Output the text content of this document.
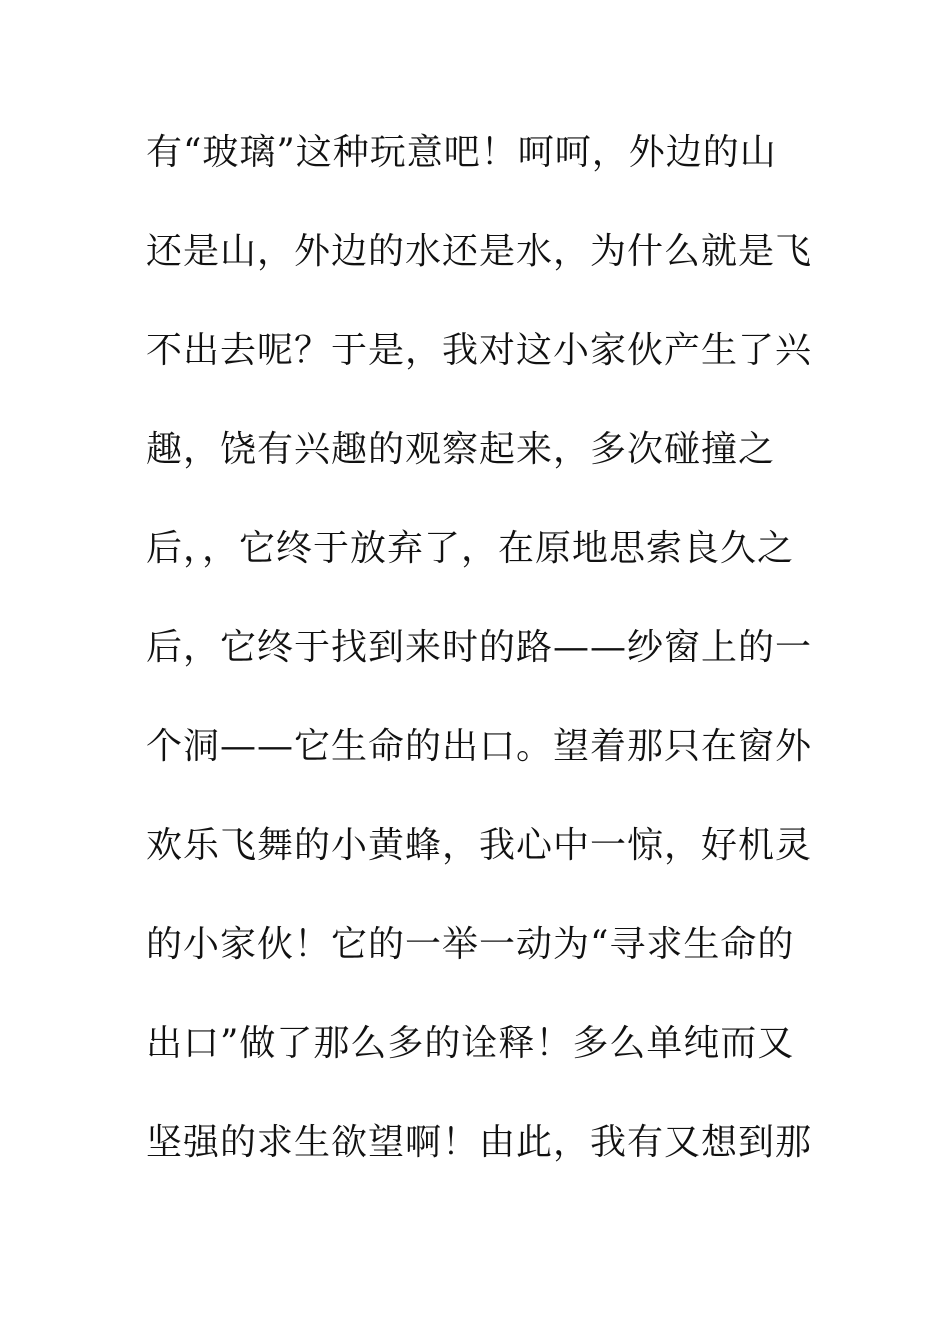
有“玻璃”这种玩意吧！呵呵，外边的山
还是山，外边的水还是水，为什么就是飞
不出去呢？于是，我对这小家伙产生了兴
趣，饶有兴趣的观察起来，多次碰撞之
后，，它终于放弃了，在原地思索良久之
后，它终于找到来时的路——纱窗上的一
个洞——它生命的出口。望着那只在窗外
欢乐飞舞的小黄蜂，我心中一惊，好机灵
的小家伙！它的一举一动为“寻求生命的
出口”做了那么多的诠释！多么单纯而又
坚强的求生欲望啊！由此，我有又想到那
